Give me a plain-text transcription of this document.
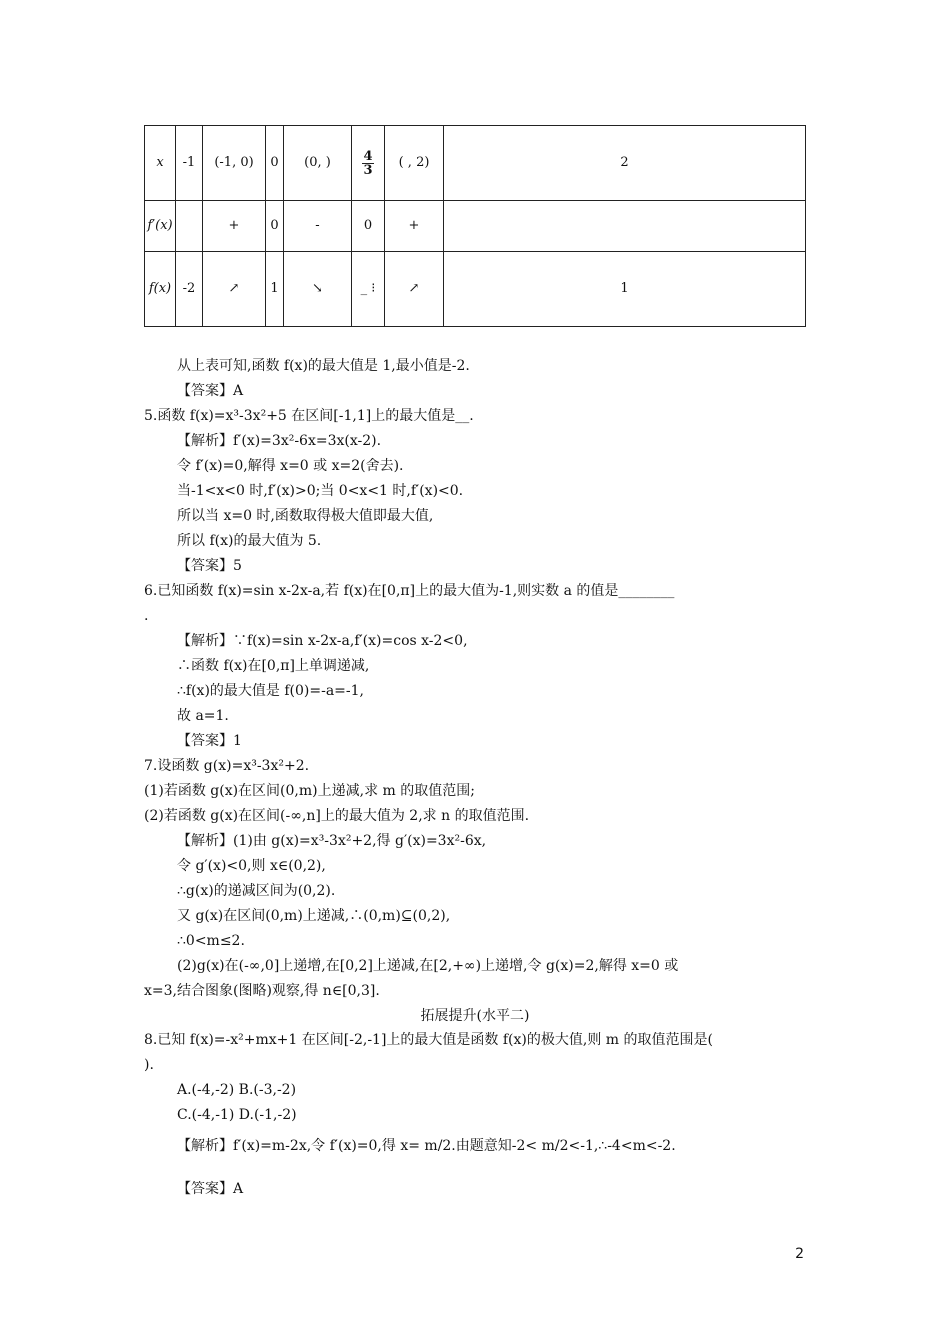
x	-1	(-1, 0)	0	(0, )	$\frac{4}{3}$	( , 2)	2
f′(x)		+	0	-	0	+	
f(x)	-2	↗	1	↘	_ ⁝	↗	1
从上表可知,函数 f(x)的最大值是 1,最小值是-2.
【答案】A
5.函数 f(x)=x³-3x²+5 在区间[-1,1]上的最大值是__.
【解析】f′(x)=3x²-6x=3x(x-2).
令 f′(x)=0,解得 x=0 或 x=2(舍去).
当-1<x<0 时,f′(x)>0;当 0<x<1 时,f′(x)<0.
所以当 x=0 时,函数取得极大值即最大值,
所以 f(x)的最大值为 5.
【答案】5
6.已知函数 f(x)=sin x-2x-a,若 f(x)在[0,π]上的最大值为-1,则实数 a 的值是________
.
【解析】∵f(x)=sin x-2x-a,f′(x)=cos x-2<0,
∴函数 f(x)在[0,π]上单调递减,
∴f(x)的最大值是 f(0)=-a=-1,
故 a=1.
【答案】1
7.设函数 g(x)=x³-3x²+2.
(1)若函数 g(x)在区间(0,m)上递减,求 m 的取值范围;
(2)若函数 g(x)在区间(-∞,n]上的最大值为 2,求 n 的取值范围.
【解析】(1)由 g(x)=x³-3x²+2,得 g′(x)=3x²-6x,
令 g′(x)<0,则 x∈(0,2),
∴g(x)的递减区间为(0,2).
又 g(x)在区间(0,m)上递减,∴(0,m)⊆(0,2),
∴0<m≤2.
(2)g(x)在(-∞,0]上递增,在[0,2]上递减,在[2,+∞)上递增,令 g(x)=2,解得 x=0 或
x=3,结合图象(图略)观察,得 n∈[0,3].
拓展提升(水平二)
8.已知 f(x)=-x²+mx+1 在区间[-2,-1]上的最大值是函数 f(x)的极大值,则 m 的取值范围是(
).
A.(-4,-2) B.(-3,-2)
C.(-4,-1) D.(-1,-2)
【解析】f′(x)=m-2x,令 f′(x)=0,得 x= m/2.由题意知-2< m/2<-1,∴-4<m<-2.
【答案】A
2
